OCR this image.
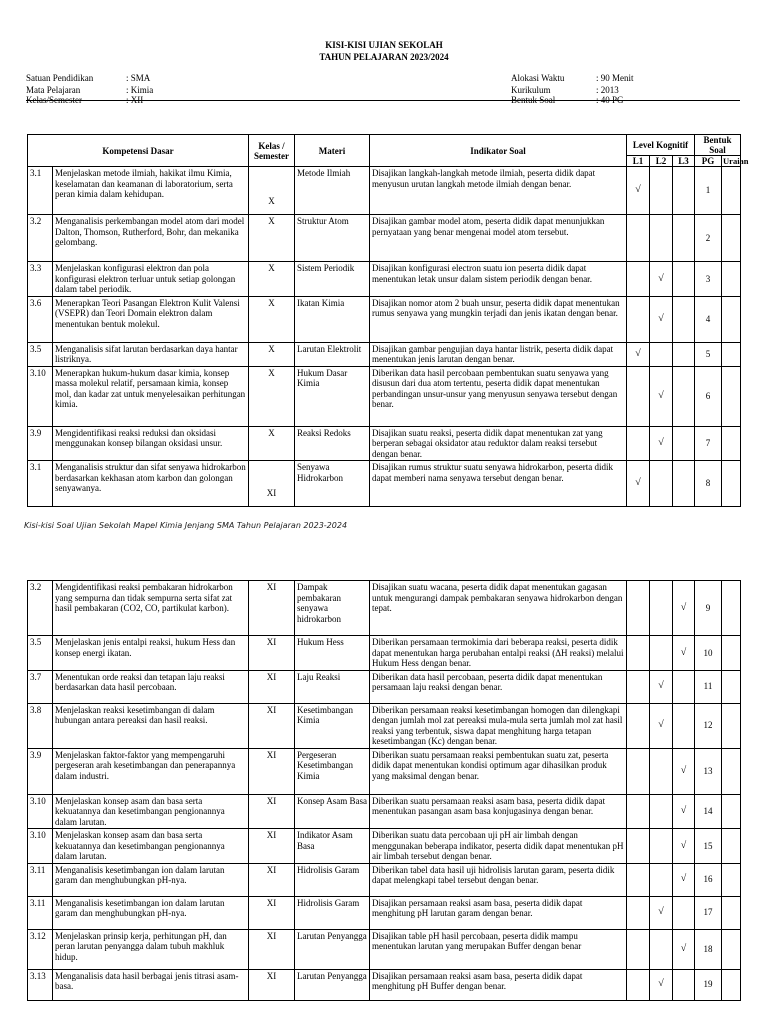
KISI-KISI UJIAN SEKOLAH
TAHUN PELAJARAN 2023/2024
Satuan Pendidikan	: SMA
Mata Pelajaran	: Kimia
Kelas/Semester	: XII
Alokasi Waktu	: 90 Menit
Kurikulum	: 2013
Bentuk Soal	: 40 PG
Kompetensi Dasar		Kelas / Semester	Materi	Indikator Soal	Level Kognitif			Bentuk Soal	
					L1	L2	L3	PG	Uraian
3.1	Menjelaskan metode ilmiah, hakikat ilmu Kimia, keselamatan dan keamanan di laboratorium, serta peran kimia dalam kehidupan.	X	Metode Ilmiah	Disajikan langkah-langkah metode ilmiah, peserta didik dapat menyusun urutan langkah metode ilmiah dengan benar.	√			1	
3.2	Menganalisis perkembangan model atom dari model Dalton, Thomson, Rutherford, Bohr, dan mekanika gelombang.	X	Struktur Atom	Disajikan gambar model atom, peserta didik dapat menunjukkan pernyataan yang benar mengenai model atom tersebut.				2	
3.3	Menjelaskan konfigurasi elektron dan pola konfigurasi elektron terluar untuk setiap golongan dalam tabel periodik.	X	Sistem Periodik	Disajikan konfigurasi electron suatu ion peserta didik dapat menentukan letak unsur dalam sistem periodik dengan benar.		√		3	
3.6	Menerapkan Teori Pasangan Elektron Kulit Valensi (VSEPR) dan Teori Domain elektron dalam menentukan bentuk molekul.	X	Ikatan Kimia	Disajikan nomor atom 2 buah unsur, peserta didik dapat menentukan rumus senyawa yang mungkin terjadi dan jenis ikatan dengan benar.		√		4	
3.5	Menganalisis sifat larutan berdasarkan daya hantar listriknya.	X	Larutan Elektrolit	Disajikan gambar pengujian daya hantar listrik, peserta didik dapat menentukan jenis larutan dengan benar.	√			5	
3.10	Menerapkan hukum-hukum dasar kimia, konsep massa molekul relatif, persamaan kimia, konsep mol, dan kadar zat untuk menyelesaikan perhitungan kimia.	X	Hukum Dasar Kimia	Diberikan data hasil percobaan pembentukan suatu senyawa yang disusun dari dua atom tertentu, peserta didik dapat menentukan perbandingan unsur-unsur yang menyusun senyawa tersebut dengan benar.		√		6	
3.9	Mengidentifikasi reaksi reduksi dan oksidasi menggunakan konsep bilangan oksidasi unsur.	X	Reaksi Redoks	Disajikan suatu reaksi, peserta didik dapat menentukan zat yang berperan sebagai oksidator atau reduktor dalam reaksi tersebut dengan benar.		√		7	
3.1	Menganalisis struktur dan sifat senyawa hidrokarbon berdasarkan kekhasan atom karbon dan golongan senyawanya.	XI	Senyawa Hidrokarbon	Disajikan rumus struktur suatu senyawa hidrokarbon, peserta didik dapat memberi nama senyawa tersebut dengan benar.	√			8	
Kisi-kisi Soal Ujian Sekolah Mapel Kimia Jenjang SMA Tahun Pelajaran 2023-2024
3.2	Mengidentifikasi reaksi pembakaran hidrokarbon yang sempurna dan tidak sempurna serta sifat zat hasil pembakaran (CO2, CO, partikulat karbon).	XI	Dampak pembakaran senyawa hidrokarbon	Disajikan suatu wacana, peserta didik dapat menentukan gagasan untuk mengurangi dampak pembakaran senyawa hidrokarbon dengan tepat.			√	9	
3.5	Menjelaskan jenis entalpi reaksi, hukum Hess dan konsep energi ikatan.	XI	Hukum Hess	Diberikan persamaan termokimia dari beberapa reaksi, peserta didik dapat menentukan harga perubahan entalpi reaksi (ΔH reaksi) melalui Hukum Hess dengan benar.			√	10	
3.7	Menentukan orde reaksi dan tetapan laju reaksi berdasarkan data hasil percobaan.	XI	Laju Reaksi	Diberikan data hasil percobaan, peserta didik dapat menentukan persamaan laju reaksi dengan benar.		√		11	
3.8	Menjelaskan reaksi kesetimbangan di dalam hubungan antara pereaksi dan hasil reaksi.	XI	Kesetimbangan Kimia	Diberikan persamaan reaksi kesetimbangan homogen dan dilengkapi dengan jumlah mol zat pereaksi mula-mula serta jumlah mol zat hasil reaksi yang terbentuk, siswa dapat menghitung harga tetapan kesetimbangan (Kc) dengan benar.		√		12	
3.9	Menjelaskan faktor-faktor yang mempengaruhi pergeseran arah kesetimbangan dan penerapannya dalam industri.	XI	Pergeseran Kesetimbangan Kimia	Diberikan suatu persamaan reaksi pembentukan suatu zat, peserta didik dapat menentukan kondisi optimum agar dihasilkan produk yang maksimal dengan benar.			√	13	
3.10	Menjelaskan konsep asam dan basa serta kekuatannya dan kesetimbangan pengionannya dalam larutan.	XI	Konsep Asam Basa	Diberikan suatu persamaan reaksi asam basa, peserta didik dapat menentukan pasangan asam basa konjugasinya dengan benar.			√	14	
3.10	Menjelaskan konsep asam dan basa serta kekuatannya dan kesetimbangan pengionannya dalam larutan.	XI	Indikator Asam Basa	Diberikan suatu data percobaan uji pH air limbah dengan menggunakan beberapa indikator, peserta didik dapat menentukan pH air limbah tersebut dengan benar.			√	15	
3.11	Menganalisis kesetimbangan ion dalam larutan garam dan menghubungkan pH-nya.	XI	Hidrolisis Garam	Diberikan tabel data hasil uji hidrolisis larutan garam, peserta didik dapat melengkapi tabel tersebut dengan benar.			√	16	
3.11	Menganalisis kesetimbangan ion dalam larutan garam dan menghubungkan pH-nya.	XI	Hidrolisis Garam	Disajikan persamaan reaksi asam basa, peserta didik dapat menghitung pH larutan garam dengan benar.		√		17	
3.12	Menjelaskan prinsip kerja, perhitungan pH, dan peran larutan penyangga dalam tubuh makhluk hidup.	XI	Larutan Penyangga	Disajikan table pH hasil percobaan, peserta didik mampu menentukan larutan yang merupakan Buffer dengan benar			√	18	
3.13	Menganalisis data hasil berbagai jenis titrasi asam-basa.	XI	Larutan Penyangga	Disajikan persamaan reaksi asam basa, peserta didik dapat menghitung pH Buffer dengan benar.		√		19	
